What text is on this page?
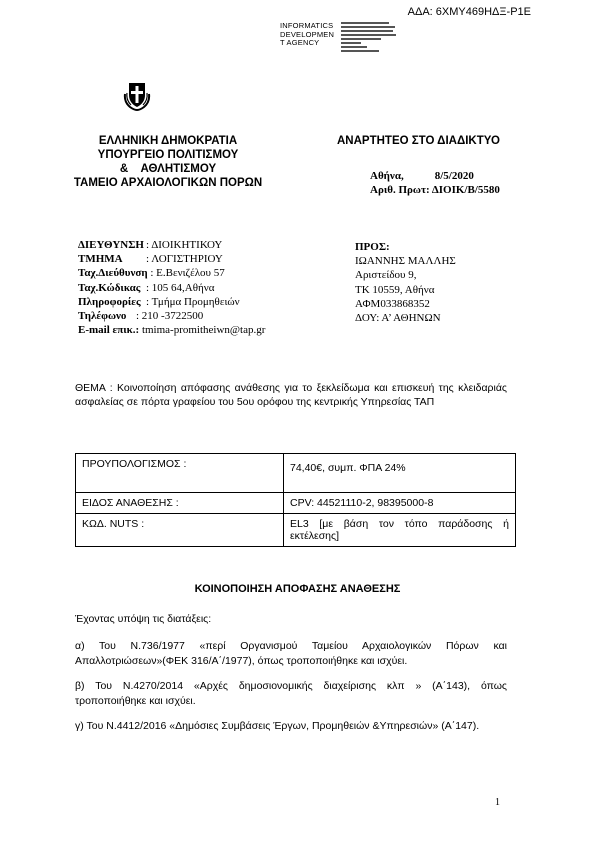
ΑΔΑ: 6ΧΜΥ469ΗΔΞ-Ρ1Ε
INFORMATICS
DEVELOPMEN
T AGENCY
ΕΛΛΗΝΙΚΗ ΔΗΜΟΚΡΑΤΙΑ
ΥΠΟΥΡΓΕΙΟ ΠΟΛΙΤΙΣΜΟΥ
&    ΑΘΛΗΤΙΣΜΟΥ
ΤΑΜΕΙΟ ΑΡΧΑΙΟΛΟΓΙΚΩΝ ΠΟΡΩΝ
ΑΝΑΡΤΗΤΕΟ ΣΤΟ ΔΙΑΔΙΚΤΥΟ
Αθήνα,	8/5/2020
Αριθ. Πρωτ: ΔΙΟΙΚ/Β/5580
ΔΙΕΥΘΥΝΣΗ : ΔΙΟΙΚΗΤΙΚΟΥ
ΤΜΗΜΑ : ΛΟΓΙΣΤΗΡΙΟΥ
Ταχ.Διεύθυνση : Ε.Βενιζέλου 57
Ταχ.Κώδικας : 105 64,Αθήνα
Πληροφορίες : Τμήμα Προμηθειών
Τηλέφωνο : 210 -3722500
E-mail επικ.: tmima-promitheiwn@tap.gr
ΠΡΟΣ:
ΙΩΑΝΝΗΣ ΜΑΛΛΗΣ
Αριστείδου 9,
ΤΚ 10559, Αθήνα
ΑΦΜ033868352
ΔΟΥ: Α’ ΑΘΗΝΩΝ
ΘΕΜΑ : Κοινοποίηση απόφασης ανάθεσης για το ξεκλείδωμα και επισκευή της κλειδαριάς ασφαλείας σε πόρτα γραφείου του 5ου ορόφου της κεντρικής Υπηρεσίας ΤΑΠ
ΠΡΟΥΠΟΛΟΓΙΣΜΟΣ :	74,40€, συμπ. ΦΠΑ 24%
ΕΙΔΟΣ ΑΝΑΘΕΣΗΣ :	CPV: 44521110-2, 98395000-8
ΚΩΔ. NUTS :	EL3 [με βάση τον τόπο παράδοσης ή εκτέλεσης]
ΚΟΙΝΟΠΟΙΗΣΗ ΑΠΟΦΑΣΗΣ ΑΝΑΘΕΣΗΣ

Έχοντας υπόψη τις διατάξεις:

α) Του Ν.736/1977 «περί Οργανισμού Ταμείου Αρχαιολογικών Πόρων και Απαλλοτριώσεων»(ΦΕΚ 316/Α΄/1977), όπως τροποποιήθηκε και ισχύει.

β) Του Ν.4270/2014 «Αρχές δημοσιονομικής διαχείρισης κλπ » (Α΄143), όπως τροποποιήθηκε και ισχύει.

γ) Του Ν.4412/2016 «Δημόσιες Συμβάσεις Έργων, Προμηθειών &Υπηρεσιών» (Α΄147).

1
